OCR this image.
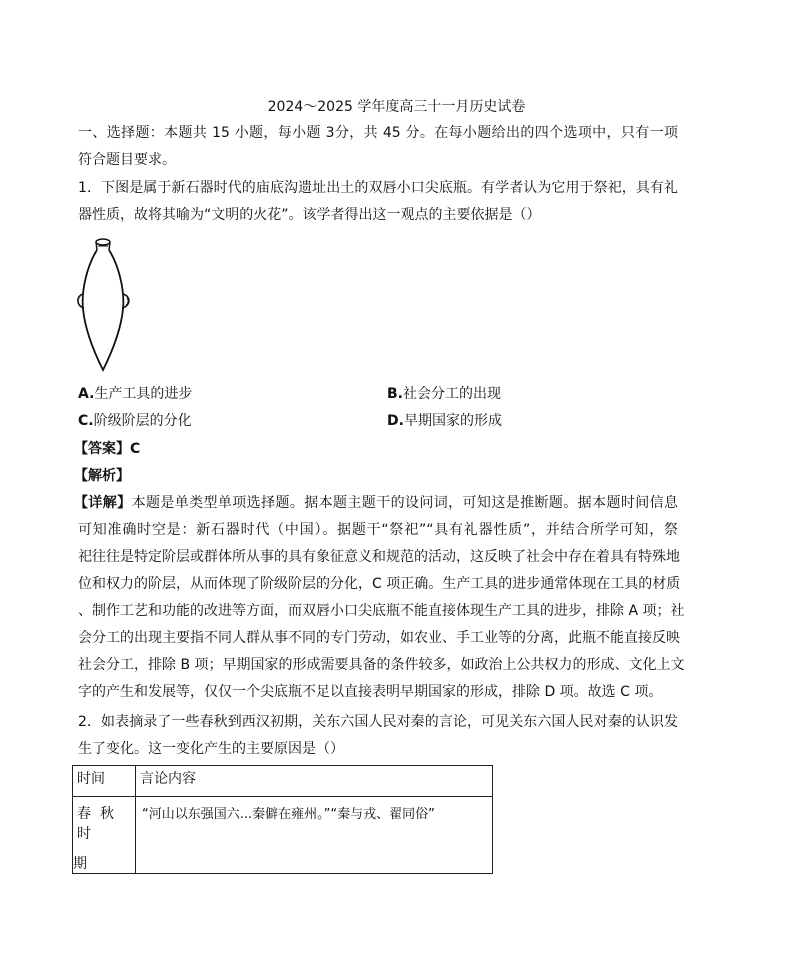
2024～2025 学年度高三十一月历史试卷
一、选择题：本题共 15 小题，每小题 3分，共 45 分。在每小题给出的四个选项中，只有一项
符合题目要求。
1．下图是属于新石器时代的庙底沟遗址出土的双唇小口尖底瓶。有学者认为它用于祭祀，具有礼
器性质，故将其喻为“文明的火花”。该学者得出这一观点的主要依据是（）
A.生产工具的进步	B.社会分工的出现
C.阶级阶层的分化	D.早期国家的形成
【答案】C
【解析】
【详解】本题是单类型单项选择题。据本题主题干的设问词，可知这是推断题。据本题时间信息
可知准确时空是：新石器时代（中国）。据题干“祭祀”“具有礼器性质”，并结合所学可知，祭
祀往往是特定阶层或群体所从事的具有象征意义和规范的活动，这反映了社会中存在着具有特殊地
位和权力的阶层，从而体现了阶级阶层的分化，C 项正确。生产工具的进步通常体现在工具的材质
、制作工艺和功能的改进等方面，而双唇小口尖底瓶不能直接体现生产工具的进步，排除 A 项；社
会分工的出现主要指不同人群从事不同的专门劳动，如农业、手工业等的分离，此瓶不能直接反映
社会分工，排除 B 项；早期国家的形成需要具备的条件较多，如政治上公共权力的形成、文化上文
字的产生和发展等，仅仅一个尖底瓶不足以直接表明早期国家的形成，排除 D 项。故选 C 项。
2．如表摘录了一些春秋到西汉初期，关东六国人民对秦的言论，可见关东六国人民对秦的认识发
生了变化。这一变化产生的主要原因是（）
时间	言论内容

春秋时
期	“河山以东强国六...秦僻在雍州。”“秦与戎、翟同俗”
